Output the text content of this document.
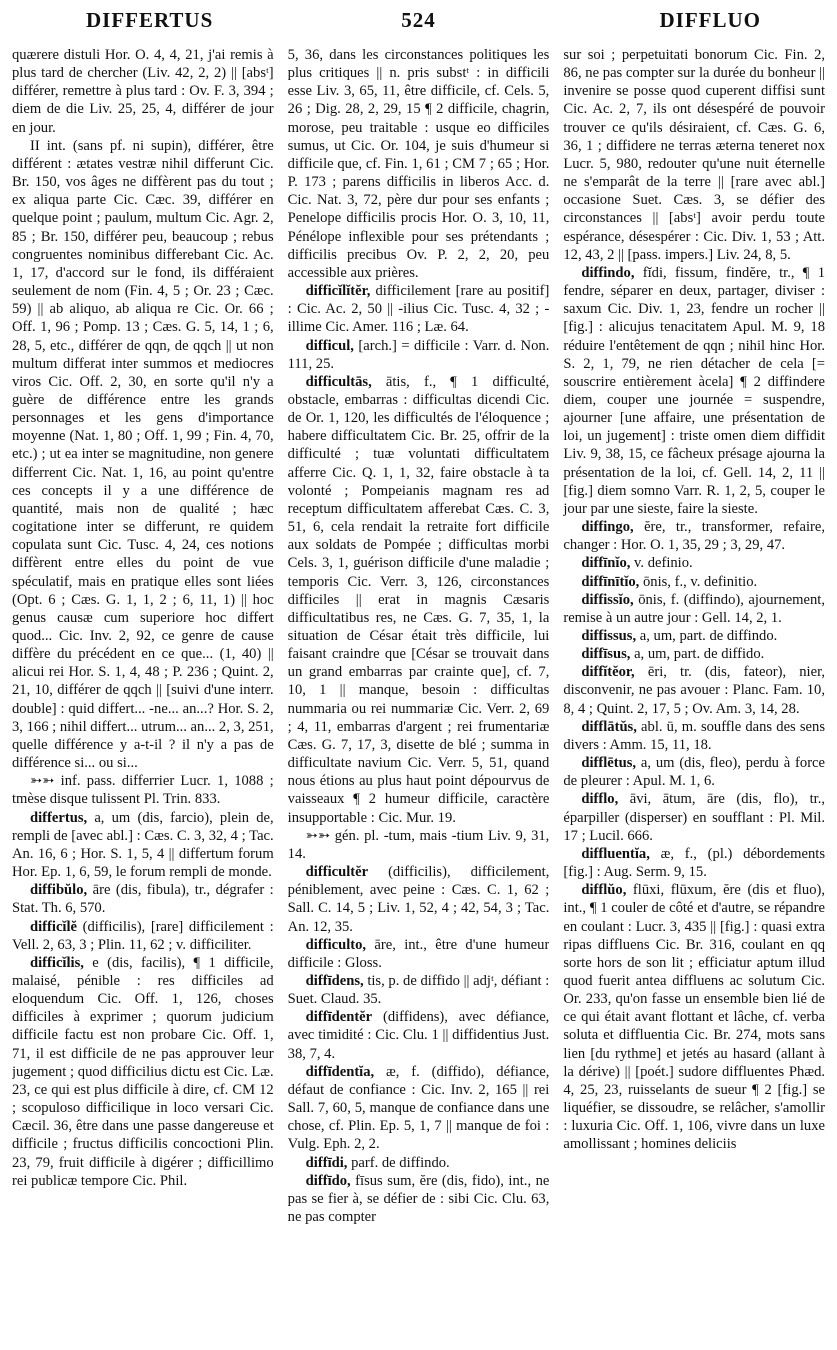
DIFFERTUS	524	DIFFLUO

quærere distuli Hor. O. 4, 4, 21, j'ai remis à plus tard de chercher (Liv. 42, 2, 2) || [absᵗ] différer, remettre à plus tard : Ov. F. 3, 394 ; diem de die Liv. 25, 25, 4, différer de jour en jour.

II int. (sans pf. ni supin), différer, être différent : ætates vestræ nihil differunt Cic. Br. 150, vos âges ne diffèrent pas du tout ; ex aliqua parte Cic. Cæc. 39, différer en quelque point ; paulum, multum Cic. Agr. 2, 85 ; Br. 150, différer peu, beaucoup ; rebus congruentes nominibus differebant Cic. Ac. 1, 17, d'accord sur le fond, ils différaient seulement de nom (Fin. 4, 5 ; Or. 23 ; Cæc. 59) || ab aliquo, ab aliqua re Cic. Or. 66 ; Off. 1, 96 ; Pomp. 13 ; Cæs. G. 5, 14, 1 ; 6, 28, 5, etc., différer de qqn, de qqch || ut non multum differat inter summos et mediocres viros Cic. Off. 2, 30, en sorte qu'il n'y a guère de différence entre les grands personnages et les gens d'importance moyenne (Nat. 1, 80 ; Off. 1, 99 ; Fin. 4, 70, etc.) ; ut ea inter se magnitudine, non genere differrent Cic. Nat. 1, 16, au point qu'entre ces concepts il y a une différence de quantité, mais non de qualité ; hæc cogitatione inter se differunt, re quidem copulata sunt Cic. Tusc. 4, 24, ces notions diffèrent entre elles du point de vue spéculatif, mais en pratique elles sont liées (Opt. 6 ; Cæs. G. 1, 1, 2 ; 6, 11, 1) || hoc genus causæ cum superiore hoc differt quod... Cic. Inv. 2, 92, ce genre de cause diffère du précédent en ce que... (1, 40) || alicui rei Hor. S. 1, 4, 48 ; P. 236 ; Quint. 2, 21, 10, différer de qqch || [suivi d'une interr. double] : quid differt... -ne... an...? Hor. S. 2, 3, 166 ; nihil differt... utrum... an... 2, 3, 251, quelle différence y a-t-il ? il n'y a pas de différence si... ou si...

➳➳ inf. pass. differrier Lucr. 1, 1088 ; tmèse disque tulissent Pl. Trin. 833.

differtus, a, um (dis, farcio), plein de, rempli de [avec abl.] : Cæs. C. 3, 32, 4 ; Tac. An. 16, 6 ; Hor. S. 1, 5, 4 || differtum forum Hor. Ep. 1, 6, 59, le forum rempli de monde.

diffibŭlo, āre (dis, fibula), tr., dégrafer : Stat. Th. 6, 570.

difficĭlĕ (difficilis), [rare] difficilement : Vell. 2, 63, 3 ; Plin. 11, 62 ; v. difficiliter.

difficĭlis, e (dis, facilis), ¶ 1 difficile, malaisé, pénible : res difficiles ad eloquendum Cic. Off. 1, 126, choses difficiles à exprimer ; quorum judicium difficile factu est non probare Cic. Off. 1, 71, il est difficile de ne pas approuver leur jugement ; quod difficilius dictu est Cic. Læ. 23, ce qui est plus difficile à dire, cf. CM 12 ; scopuloso difficilique in loco versari Cic. Cæcil. 36, être dans une passe dangereuse et difficile ; fructus difficilis concoctioni Plin. 23, 79, fruit difficile à digérer ; difficillimo rei publicæ tempore Cic. Phil.

5, 36, dans les circonstances politiques les plus critiques || n. pris substᵗ : in difficili esse Liv. 3, 65, 11, être difficile, cf. Cels. 5, 26 ; Dig. 28, 2, 29, 15 ¶ 2 difficile, chagrin, morose, peu traitable : usque eo difficiles sumus, ut Cic. Or. 104, je suis d'humeur si difficile que, cf. Fin. 1, 61 ; CM 7 ; 65 ; Hor. P. 173 ; parens difficilis in liberos Acc. d. Cic. Nat. 3, 72, père dur pour ses enfants ; Penelope difficilis procis Hor. O. 3, 10, 11, Pénélope inflexible pour ses prétendants ; difficilis precibus Ov. P. 2, 2, 20, peu accessible aux prières.

difficĭlĭtĕr, difficilement [rare au positif] : Cic. Ac. 2, 50 || -ilius Cic. Tusc. 4, 32 ; -illime Cic. Amer. 116 ; Læ. 64.

difficul, [arch.] = difficile : Varr. d. Non. 111, 25.

difficultās, ātis, f., ¶ 1 difficulté, obstacle, embarras : difficultas dicendi Cic. de Or. 1, 120, les difficultés de l'éloquence ; habere difficultatem Cic. Br. 25, offrir de la difficulté ; tuæ voluntati difficultatem afferre Cic. Q. 1, 1, 32, faire obstacle à ta volonté ; Pompeianis magnam res ad receptum difficultatem afferebat Cæs. C. 3, 51, 6, cela rendait la retraite fort difficile aux soldats de Pompée ; difficultas morbi Cels. 3, 1, guérison difficile d'une maladie ; temporis Cic. Verr. 3, 126, circonstances difficiles || erat in magnis Cæsaris difficultatibus res, ne Cæs. G. 7, 35, 1, la situation de César était très difficile, lui faisant craindre que [César se trouvait dans un grand embarras par crainte que], cf. 7, 10, 1 || manque, besoin : difficultas nummaria ou rei nummariæ Cic. Verr. 2, 69 ; 4, 11, embarras d'argent ; rei frumentariæ Cæs. G. 7, 17, 3, disette de blé ; summa in difficultate navium Cic. Verr. 5, 51, quand nous étions au plus haut point dépourvus de vaisseaux ¶ 2 humeur difficile, caractère insupportable : Cic. Mur. 19.

➳➳ gén. pl. -tum, mais -tium Liv. 9, 31, 14.

difficultĕr (difficilis), difficilement, péniblement, avec peine : Cæs. C. 1, 62 ; Sall. C. 14, 5 ; Liv. 1, 52, 4 ; 42, 54, 3 ; Tac. An. 12, 35.

difficulto, āre, int., être d'une humeur difficile : Gloss.

diffīdens, tis, p. de diffido || adjᵗ, défiant : Suet. Claud. 35.

diffīdentĕr (diffidens), avec défiance, avec timidité : Cic. Clu. 1 || diffidentius Just. 38, 7, 4.

diffīdentĭa, æ, f. (diffido), défiance, défaut de confiance : Cic. Inv. 2, 165 || rei Sall. 7, 60, 5, manque de confiance dans une chose, cf. Plin. Ep. 5, 1, 7 || manque de foi : Vulg. Eph. 2, 2.

diffīdi, parf. de diffindo.

diffīdo, fīsus sum, ĕre (dis, fido), int., ne pas se fier à, se défier de : sibi Cic. Clu. 63, ne pas compter

sur soi ; perpetuitati bonorum Cic. Fin. 2, 86, ne pas compter sur la durée du bonheur || invenire se posse quod cuperent diffisi sunt Cic. Ac. 2, 7, ils ont désespéré de pouvoir trouver ce qu'ils désiraient, cf. Cæs. G. 6, 36, 1 ; diffidere ne terras æterna teneret nox Lucr. 5, 980, redouter qu'une nuit éternelle ne s'emparât de la terre || [rare avec abl.] occasione Suet. Cæs. 3, se défier des circonstances || [absᵗ] avoir perdu toute espérance, désespérer : Cic. Div. 1, 53 ; Att. 12, 43, 2 || [pass. impers.] Liv. 24, 8, 5.

diffindo, fĭdi, fissum, findĕre, tr., ¶ 1 fendre, séparer en deux, partager, diviser : saxum Cic. Div. 1, 23, fendre un rocher || [fig.] : alicujus tenacitatem Apul. M. 9, 18 réduire l'entêtement de qqn ; nihil hinc Hor. S. 2, 1, 79, ne rien détacher de cela [= souscrire entièrement àcela] ¶ 2 diffindere diem, couper une journée = suspendre, ajourner [une affaire, une présentation de loi, un jugement] : triste omen diem diffidit Liv. 9, 38, 15, ce fâcheux présage ajourna la présentation de la loi, cf. Gell. 14, 2, 11 || [fig.] diem somno Varr. R. 1, 2, 5, couper le jour par une sieste, faire la sieste.

diffingo, ĕre, tr., transformer, refaire, changer : Hor. O. 1, 35, 29 ; 3, 29, 47.

diffīnĭo, v. definio.

diffīnītĭo, ōnis, f., v. definitio.

diffissĭo, ōnis, f. (diffindo), ajournement, remise à un autre jour : Gell. 14, 2, 1.

diffissus, a, um, part. de diffindo.

diffīsus, a, um, part. de diffido.

diffĭtĕor, ēri, tr. (dis, fateor), nier, disconvenir, ne pas avouer : Planc. Fam. 10, 8, 4 ; Quint. 2, 17, 5 ; Ov. Am. 3, 14, 28.

difflātŭs, abl. ū, m. souffle dans des sens divers : Amm. 15, 11, 18.

difflētus, a, um (dis, fleo), perdu à force de pleurer : Apul. M. 1, 6.

difflo, āvi, ātum, āre (dis, flo), tr., éparpiller (disperser) en soufflant : Pl. Mil. 17 ; Lucil. 666.

diffluentĭa, æ, f., (pl.) débordements [fig.] : Aug. Serm. 9, 15.

difflŭo, flūxi, flūxum, ĕre (dis et fluo), int., ¶ 1 couler de côté et d'autre, se répandre en coulant : Lucr. 3, 435 || [fig.] : quasi extra ripas diffluens Cic. Br. 316, coulant en qq sorte hors de son lit ; efficiatur aptum illud quod fuerit antea diffluens ac solutum Cic. Or. 233, qu'on fasse un ensemble bien lié de ce qui était avant flottant et lâche, cf. verba soluta et diffluentia Cic. Br. 274, mots sans lien [du rythme] et jetés au hasard (allant à la dérive) || [poét.] sudore diffluentes Phæd. 4, 25, 23, ruisselants de sueur ¶ 2 [fig.] se liquéfier, se dissoudre, se relâcher, s'amollir : luxuria Cic. Off. 1, 106, vivre dans un luxe amollissant ; homines deliciis
